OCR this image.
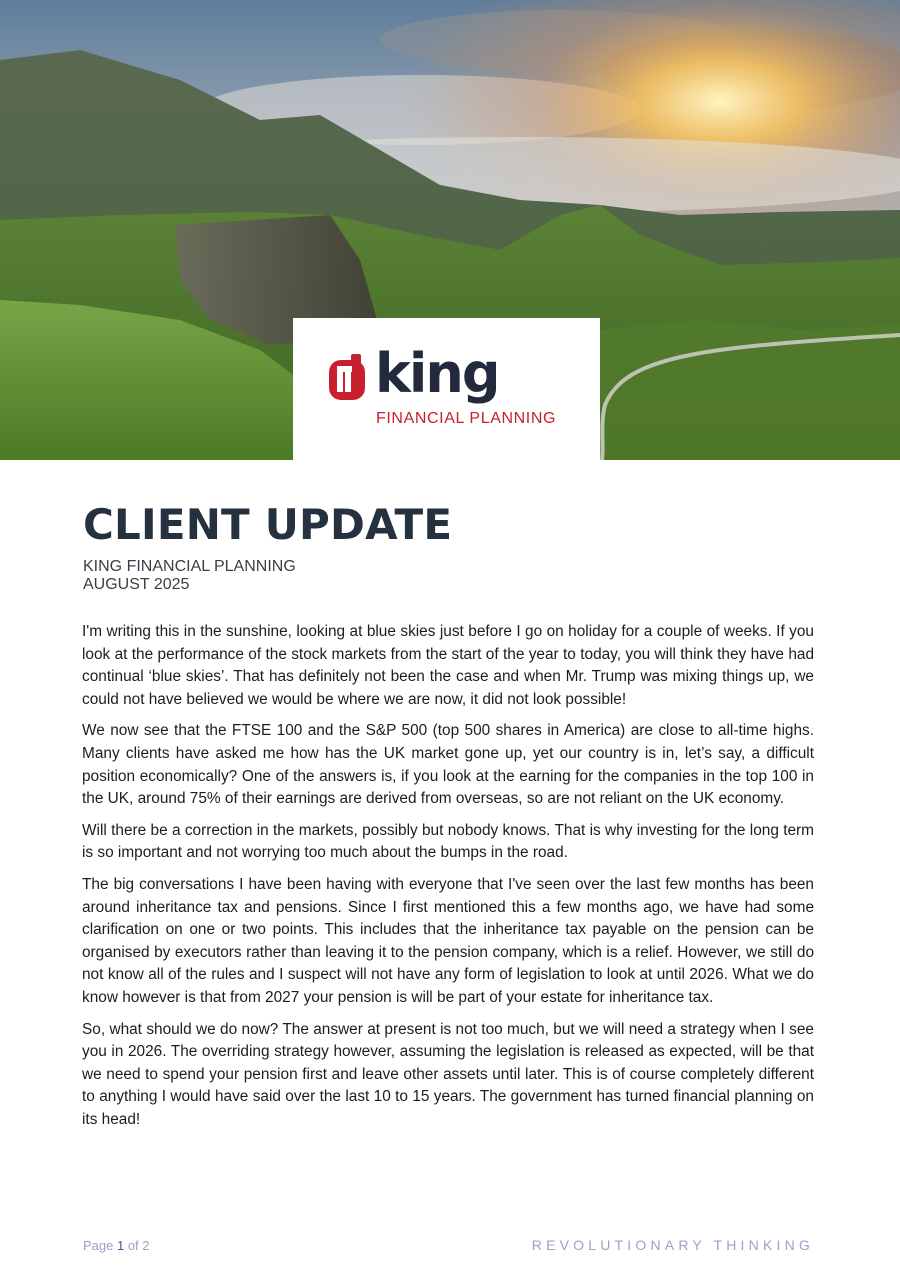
king
FINANCIAL PLANNING
CLIENT UPDATE
KING FINANCIAL PLANNING
AUGUST 2025

I'm writing this in the sunshine, looking at blue skies just before I go on holiday for a couple of weeks. If you look at the performance of the stock markets from the start of the year to today, you will think they have had continual ‘blue skies’. That has definitely not been the case and when Mr. Trump was mixing things up, we could not have believed we would be where we are now, it did not look possible!

We now see that the FTSE 100 and the S&P 500 (top 500 shares in America) are close to all-time highs. Many clients have asked me how has the UK market gone up, yet our country is in, let’s say, a difficult position economically? One of the answers is, if you look at the earning for the companies in the top 100 in the UK, around 75% of their earnings are derived from overseas, so are not reliant on the UK economy.

Will there be a correction in the markets, possibly but nobody knows. That is why investing for the long term is so important and not worrying too much about the bumps in the road.

The big conversations I have been having with everyone that I've seen over the last few months has been around inheritance tax and pensions. Since I first mentioned this a few months ago, we have had some clarification on one or two points. This includes that the inheritance tax payable on the pension can be organised by executors rather than leaving it to the pension company, which is a relief. However, we still do not know all of the rules and I suspect will not have any form of legislation to look at until 2026. What we do know however is that from 2027 your pension is will be part of your estate for inheritance tax.

So, what should we do now? The answer at present is not too much, but we will need a strategy when I see you in 2026. The overriding strategy however, assuming the legislation is released as expected, will be that we need to spend your pension first and leave other assets until later. This is of course completely different to anything I would have said over the last 10 to 15 years. The government has turned financial planning on its head!

Page 1 of 2	REVOLUTIONARY THINKING
